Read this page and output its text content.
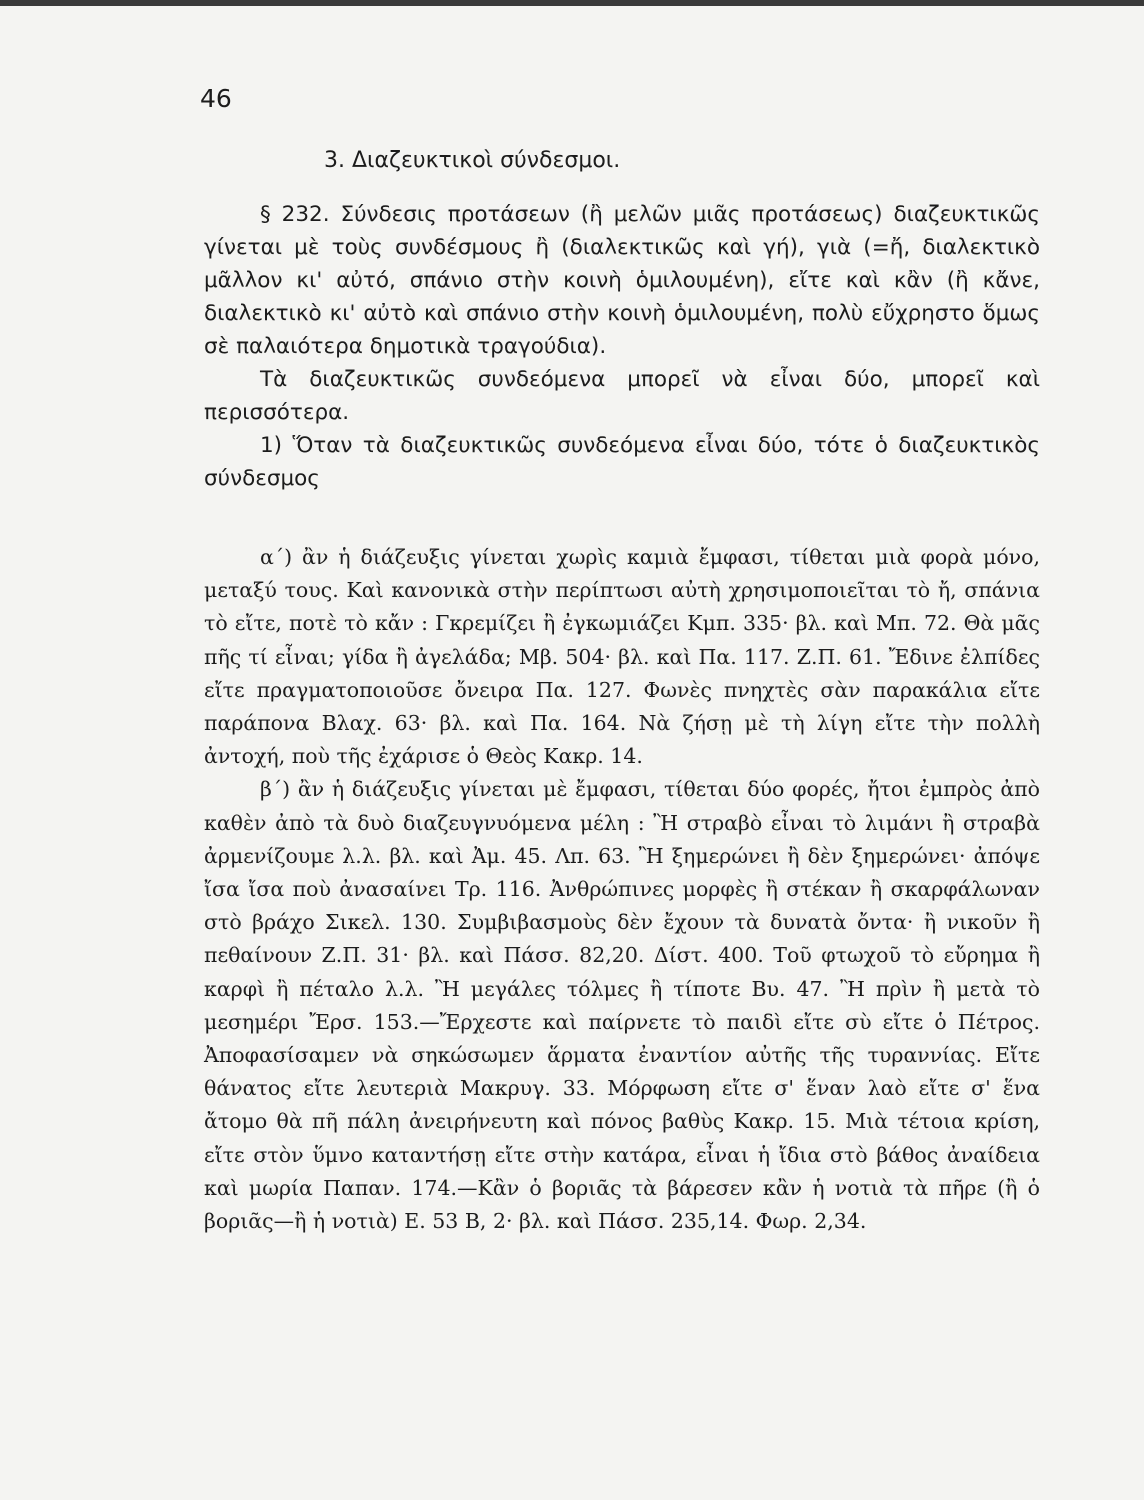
46
3. Διαζευκτικοὶ σύνδεσμοι.

§ 232. Σύνδεσις προτάσεων (ἢ μελῶν μιᾶς προτάσεως) διαζευκτικῶς γίνεται μὲ τοὺς συνδέσμους ἢ (διαλεκτικῶς καὶ γή), γιὰ (=ἤ, διαλεκτικὸ μᾶλλον κι' αὐτό, σπάνιο στὴν κοινὴ ὁμιλουμένη), εἴτε καὶ κἂν (ἢ κἄνε, διαλεκτικὸ κι' αὐτὸ καὶ σπάνιο στὴν κοινὴ ὁμιλουμένη, πολὺ εὔχρηστο ὅμως σὲ παλαιότερα δημοτικὰ τραγούδια).

Τὰ διαζευκτικῶς συνδεόμενα μπορεῖ νὰ εἶναι δύο, μπορεῖ καὶ περισσότερα.

1) Ὅταν τὰ διαζευκτικῶς συνδεόμενα εἶναι δύο, τότε ὁ διαζευκτικὸς σύνδεσμος

α΄) ἂν ἡ διάζευξις γίνεται χωρὶς καμιὰ ἔμφασι, τίθεται μιὰ φορὰ μόνο, μεταξύ τους. Καὶ κανονικὰ στὴν περίπτωσι αὐτὴ χρησιμοποιεῖται τὸ ἤ, σπάνια τὸ εἴτε, ποτὲ τὸ κἄν : Γκρεμίζει ἢ ἐγκωμιάζει Κμπ. 335· βλ. καὶ Μπ. 72. Θὰ μᾶς πῆς τί εἶναι; γίδα ἢ ἀγελάδα; Μβ. 504· βλ. καὶ Πα. 117. Ζ.Π. 61. Ἔδινε ἐλπίδες εἴτε πραγματοποιοῦσε ὄνειρα Πα. 127. Φωνὲς πνηχτὲς σὰν παρακάλια εἴτε παράπονα Βλαχ. 63· βλ. καὶ Πα. 164. Νὰ ζήσῃ μὲ τὴ λίγη εἴτε τὴν πολλὴ ἀντοχή, ποὺ τῆς ἐχάρισε ὁ Θεὸς Κακρ. 14.

β΄) ἂν ἡ διάζευξις γίνεται μὲ ἔμφασι, τίθεται δύο φορές, ἤτοι ἐμπρὸς ἀπὸ καθὲν ἀπὸ τὰ δυὸ διαζευγνυόμενα μέλη : Ἢ στραβὸ εἶναι τὸ λιμάνι ἢ στραβὰ ἀρμενίζουμε λ.λ. βλ. καὶ Ἀμ. 45. Λπ. 63. Ἢ ξημερώνει ἢ δὲν ξημερώνει· ἀπόψε ἴσα ἴσα ποὺ ἀνασαίνει Τρ. 116. Ἀνθρώπινες μορφὲς ἢ στέκαν ἢ σκαρφάλωναν στὸ βράχο Σικελ. 130. Συμβιβασμοὺς δὲν ἔχουν τὰ δυνατὰ ὄντα· ἢ νικοῦν ἢ πεθαίνουν Ζ.Π. 31· βλ. καὶ Πάσσ. 82,20. Δίστ. 400. Τοῦ φτωχοῦ τὸ εὔρημα ἢ καρφὶ ἢ πέταλο λ.λ. Ἢ μεγάλες τόλμες ἢ τίποτε Βυ. 47. Ἢ πρὶν ἢ μετὰ τὸ μεσημέρι Ἔρσ. 153.—Ἔρχεστε καὶ παίρνετε τὸ παιδὶ εἴτε σὺ εἴτε ὁ Πέτρος. Ἀποφασίσαμεν νὰ σηκώσωμεν ἅρματα ἐναντίον αὐτῆς τῆς τυραννίας. Εἴτε θάνατος εἴτε λευτεριὰ Μακρυγ. 33. Μόρφωση εἴτε σ' ἕναν λαὸ εἴτε σ' ἕνα ἄτομο θὰ πῆ πάλη ἀνειρήνευτη καὶ πόνος βαθὺς Κακρ. 15. Μιὰ τέτοια κρίση, εἴτε στὸν ὕμνο καταντήσῃ εἴτε στὴν κατάρα, εἶναι ἡ ἴδια στὸ βάθος ἀναίδεια καὶ μωρία Παπαν. 174.—Κἂν ὁ βοριᾶς τὰ βάρεσεν κἂν ἡ νοτιὰ τὰ πῆρε (ἢ ὁ βοριᾶς—ἢ ἡ νοτιὰ) Ε. 53 Β, 2· βλ. καὶ Πάσσ. 235,14. Φωρ. 2,34.
